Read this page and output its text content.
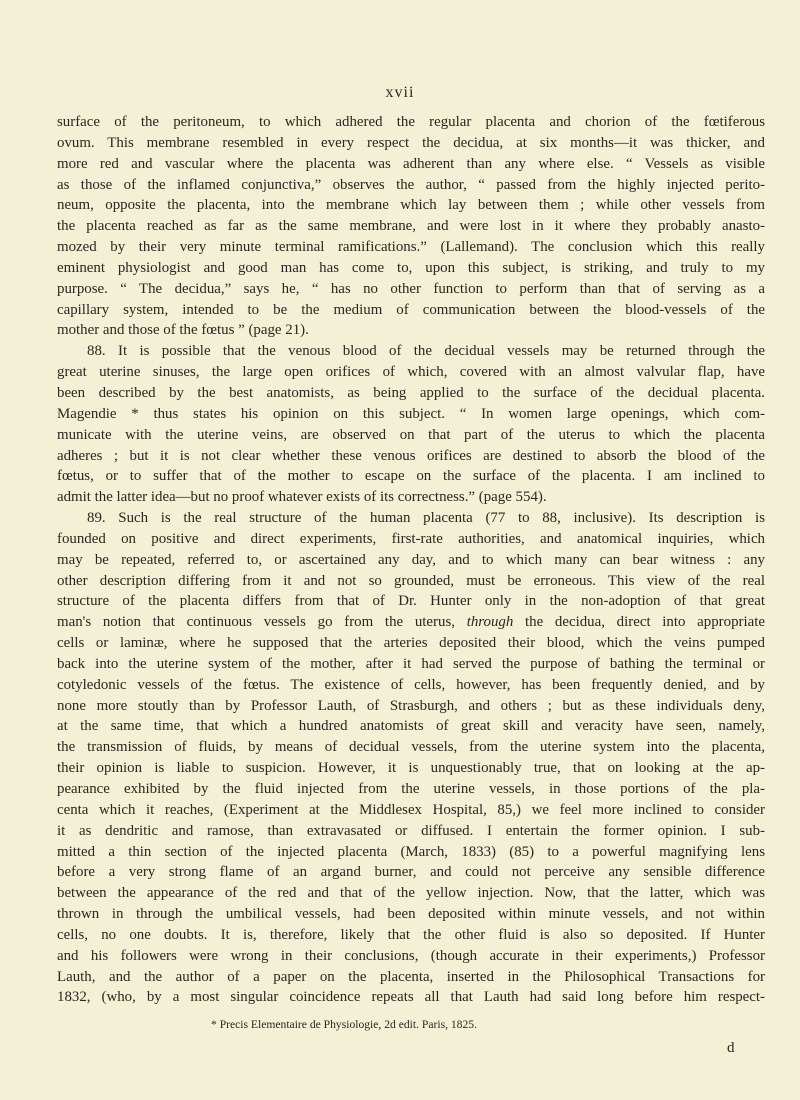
xvii
surface of the peritoneum, to which adhered the regular placenta and chorion of the fœtiferous
ovum. This membrane resembled in every respect the decidua, at six months—it was thicker, and
more red and vascular where the placenta was adherent than any where else. “ Vessels as visible
as those of the inflamed conjunctiva,” observes the author, “ passed from the highly injected perito-
neum, opposite the placenta, into the membrane which lay between them ; while other vessels from
the placenta reached as far as the same membrane, and were lost in it where they probably anasto-
mozed by their very minute terminal ramifications.” (Lallemand). The conclusion which this really
eminent physiologist and good man has come to, upon this subject, is striking, and truly to my
purpose. “ The decidua,” says he, “ has no other function to perform than that of serving as a
capillary system, intended to be the medium of communication between the blood-vessels of the
mother and those of the fœtus ” (page 21).
88. It is possible that the venous blood of the decidual vessels may be returned through the
great uterine sinuses, the large open orifices of which, covered with an almost valvular flap, have
been described by the best anatomists, as being applied to the surface of the decidual placenta.
Magendie * thus states his opinion on this subject. “ In women large openings, which com-
municate with the uterine veins, are observed on that part of the uterus to which the placenta
adheres ; but it is not clear whether these venous orifices are destined to absorb the blood of the
fœtus, or to suffer that of the mother to escape on the surface of the placenta. I am inclined to
admit the latter idea—but no proof whatever exists of its correctness.” (page 554).
89. Such is the real structure of the human placenta (77 to 88, inclusive). Its description is
founded on positive and direct experiments, first-rate authorities, and anatomical inquiries, which
may be repeated, referred to, or ascertained any day, and to which many can bear witness : any
other description differing from it and not so grounded, must be erroneous. This view of the real
structure of the placenta differs from that of Dr. Hunter only in the non-adoption of that great
man's notion that continuous vessels go from the uterus, through the decidua, direct into appropriate
cells or laminæ, where he supposed that the arteries deposited their blood, which the veins pumped
back into the uterine system of the mother, after it had served the purpose of bathing the terminal or
cotyledonic vessels of the fœtus. The existence of cells, however, has been frequently denied, and by
none more stoutly than by Professor Lauth, of Strasburgh, and others ; but as these individuals deny,
at the same time, that which a hundred anatomists of great skill and veracity have seen, namely,
the transmission of fluids, by means of decidual vessels, from the uterine system into the placenta,
their opinion is liable to suspicion. However, it is unquestionably true, that on looking at the ap-
pearance exhibited by the fluid injected from the uterine vessels, in those portions of the pla-
centa which it reaches, (Experiment at the Middlesex Hospital, 85,) we feel more inclined to consider
it as dendritic and ramose, than extravasated or diffused. I entertain the former opinion. I sub-
mitted a thin section of the injected placenta (March, 1833) (85) to a powerful magnifying lens
before a very strong flame of an argand burner, and could not perceive any sensible difference
between the appearance of the red and that of the yellow injection. Now, that the latter, which was
thrown in through the umbilical vessels, had been deposited within minute vessels, and not within
cells, no one doubts. It is, therefore, likely that the other fluid is also so deposited. If Hunter
and his followers were wrong in their conclusions, (though accurate in their experiments,) Professor
Lauth, and the author of a paper on the placenta, inserted in the Philosophical Transactions for
1832, (who, by a most singular coincidence repeats all that Lauth had said long before him respect-
* Precis Elementaire de Physiologie, 2d edit. Paris, 1825.
d
